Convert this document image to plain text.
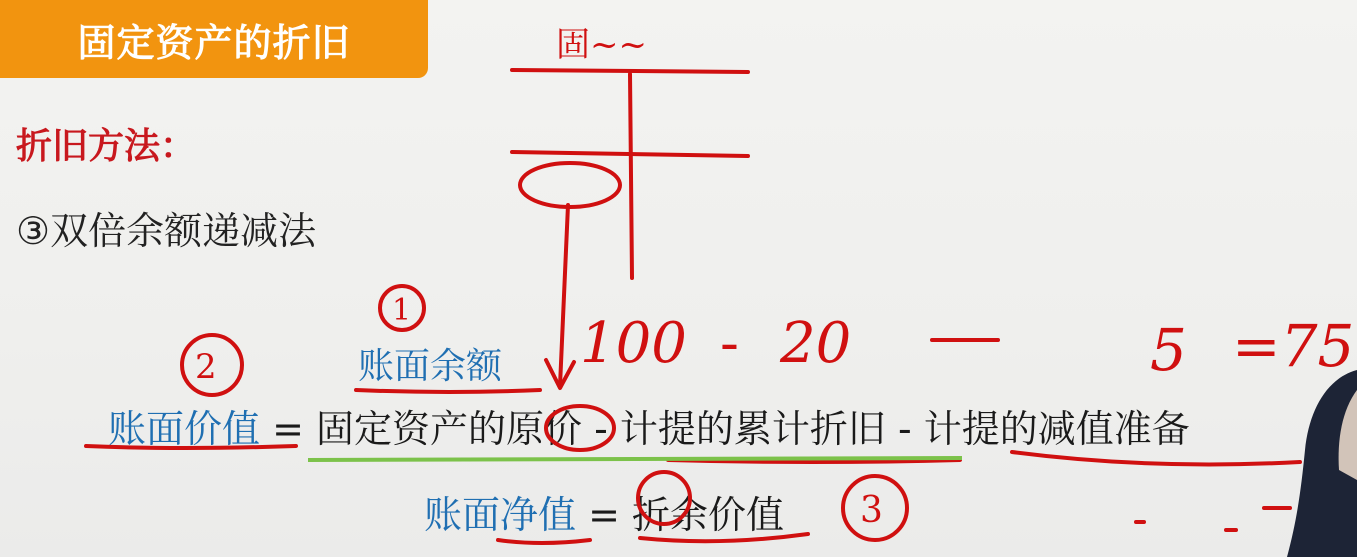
固定资产的折旧
折旧方法：
③双倍余额递减法
账面余额
账面价值 = 固定资产的原价 - 计提的累计折旧 - 计提的减值准备
账面净值 = 折余价值
固~~
2
1
3
100 - 20	5 =75
